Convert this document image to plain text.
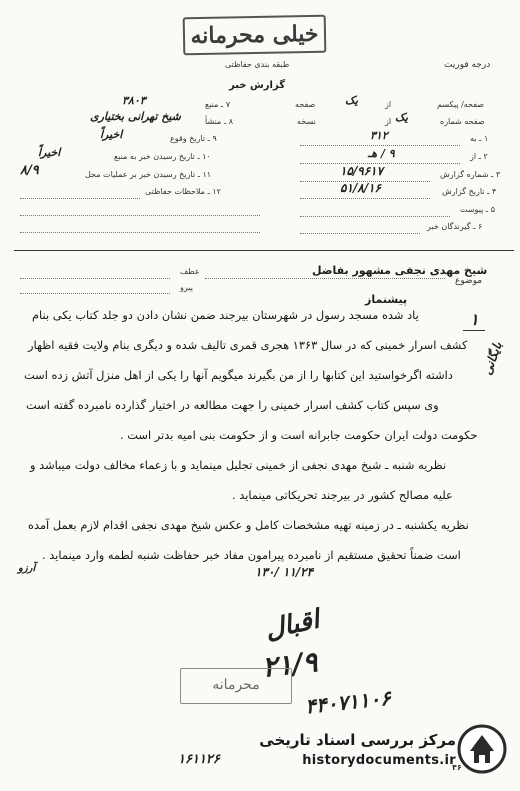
خیلی محرمانه
درجه فوریت
طبقه بندی حفاظتی
گزارش خبر
صفحه/ پیکسم
از
صفحه	یک
صفحه شماره
از
نسخه	یک
۱ ـ به
۳۱۲
۲ ـ از
۹ / هـ
۳ ـ شماره گزارش
۱۵/۹۶۱۷
۴ ـ تاریخ گزارش
۵۱/۸/۱۶
۵ ـ پیوست
۶ ـ گیرندگان خبر
۷ ـ منبع
۳۸۰۳
۸ ـ منشأ
شیخ تهرانی بختیاری
۹ ـ تاریخ وقوع
اخیراً
۱۰ ـ تاریخ رسیدن خبر به منبع
اخیراً
۱۱ ـ تاریخ رسیدن خبر بر عملیات محل
۸/۹
۱۲ ـ ملاحظات حفاظتی
موضوع
شیخ مهدی نجفی مشهور بفاضل
عطف
پیرو
پیشنماز
۱
یاد شده مسجد رسول در شهرستان بیرجند ضمن نشان دادن دو جلد کتاب یکی بنام
کشف اسرار خمینی که در سال ۱۳۶۳ هجری قمری تالیف شده و دیگری بنام ولایت فقیه اظهار
داشته اگرخواستید این کتابها را از من بگیرند میگویم آنها را یکی از اهل منزل آتش زده است
وی سپس کتاب کشف اسرار خمینی را جهت مطالعه در اختیار گذارده نامبرده گفته است
حکومت دولت ایران حکومت جابرانه است و از حکومت بنی امیه بدتر است .
نظریه شنبه ـ شیخ مهدی نجفی از خمینی تجلیل مینماید و با زعماء مخالف دولت میباشد و
علیه مصالح کشور در بیرجند تحریکاتی مینماید .
نظریه یکشنبه ـ در زمینه تهیه مشخصات کامل و عکس شیخ مهدی نجفی اقدام لازم بعمل آمده
است ضمناً تحقیق مستقیم از نامبرده پیرامون مفاد خبر حفاظت شنبه لطمه وارد مینماید .
بایگانی
آرزو	۱۳۰/ ۱۱/۲۴
اقبال
۲۱/۹
محرمانه
۴۴۰۷۱۱۰۶
۱۶۱۱۲۶
۴۶
مرکز بررسی اسناد تاریخی
historydocuments.ir
